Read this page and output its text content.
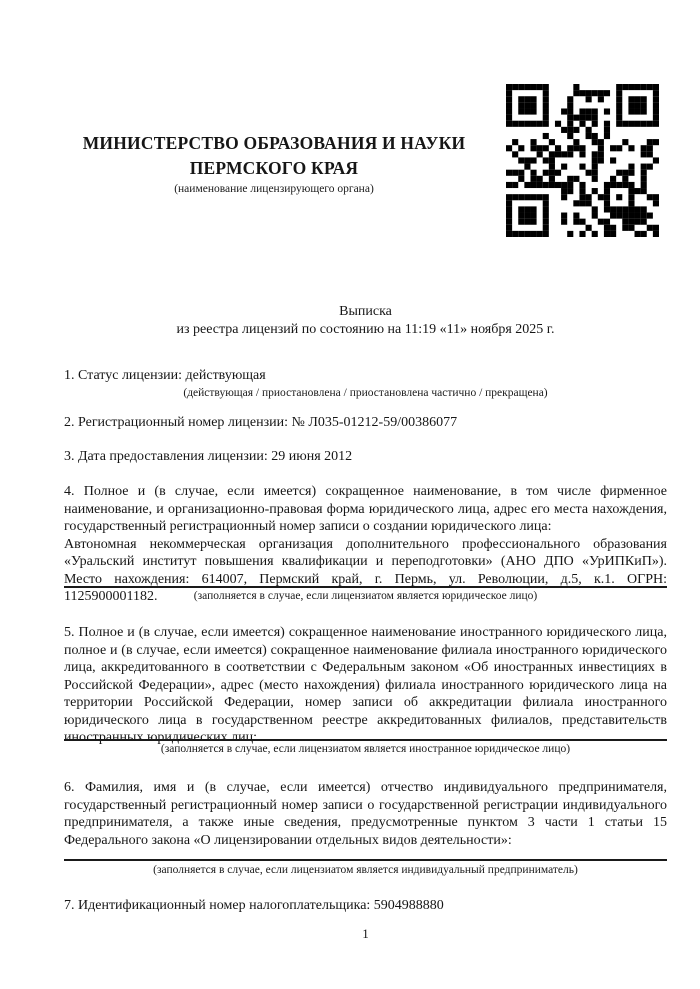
МИНИСТЕРСТВО ОБРАЗОВАНИЯ И НАУКИ
ПЕРМСКОГО КРАЯ
(наименование лицензирующего органа)
Выписка
из реестра лицензий по состоянию на 11:19 «11» ноября 2025 г.
1. Статус лицензии: действующая
(действующая / приостановлена / приостановлена частично / прекращена)
2. Регистрационный номер лицензии: № Л035-01212-59/00386077
3. Дата предоставления лицензии: 29 июня 2012

4. Полное и (в случае, если имеется) сокращенное наименование, в том числе фирменное наименование, и организационно-правовая форма юридического лица, адрес его места нахождения, государственный регистрационный номер записи о создании юридического лица:

Автономная некоммерческая организация дополнительного профессионального образования «Уральский институт повышения квалификации и переподготовки» (АНО ДПО «УрИПКиП»). Место нахождения: 614007, Пермский край, г. Пермь, ул. Революции, д.5, к.1. ОГРН: 1125900001182.	(заполняется в случае, если лицензиатом является юридическое лицо)
5. Полное и (в случае, если имеется) сокращенное наименование иностранного юридического лица, полное и (в случае, если имеется) сокращенное наименование филиала иностранного юридического лица, аккредитованного в соответствии с Федеральным законом «Об иностранных инвестициях в Российской Федерации», адрес (место нахождения) филиала иностранного юридического лица на территории Российской Федерации, номер записи об аккредитации филиала иностранного юридического лица в государственном реестре аккредитованных филиалов, представительств иностранных юридических лиц:
(заполняется в случае, если лицензиатом является иностранное юридическое лицо)
6. Фамилия, имя и (в случае, если имеется) отчество индивидуального предпринимателя, государственный регистрационный номер записи о государственной регистрации индивидуального предпринимателя, а также иные сведения, предусмотренные пунктом 3 части 1 статьи 15 Федерального закона «О лицензировании отдельных видов деятельности»:
(заполняется в случае, если лицензиатом является индивидуальный предприниматель)
7. Идентификационный номер налогоплательщика: 5904988880
1
